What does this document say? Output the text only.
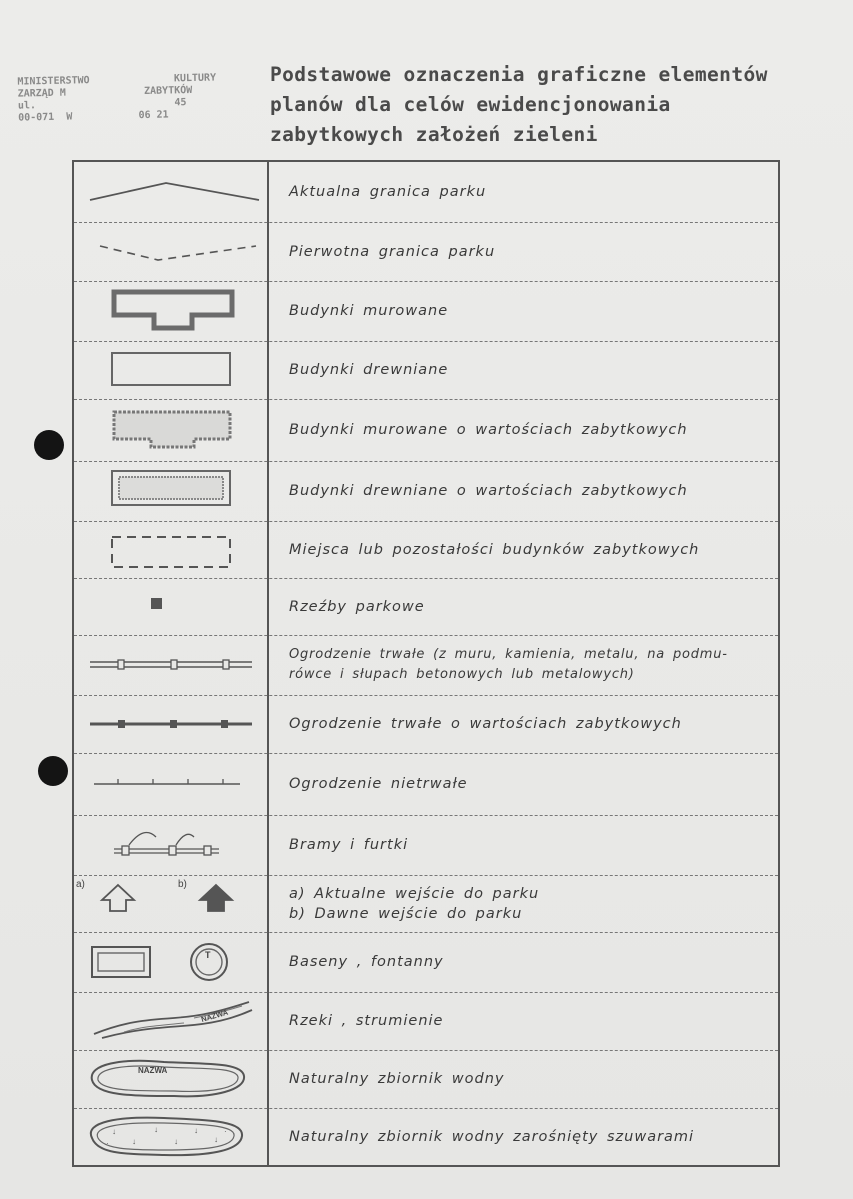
MINISTERSTWO              KULTURY
ZARZĄD M             ZABYTKÓW
ul.                       45
00-071  W           06 21
Podstawowe oznaczenia graficzne elementów
planów dla celów ewidencjonowania
zabytkowych założeń zieleni
Aktualna granica parku
Pierwotna granica parku
Budynki murowane
Budynki drewniane
Budynki murowane o wartościach zabytkowych
Budynki drewniane o wartościach zabytkowych
Miejsca lub pozostałości budynków zabytkowych
Rzeźby parkowe
Ogrodzenie trwałe (z muru, kamienia, metalu, na podmu-
rówce i słupach betonowych lub metalowych)
Ogrodzenie trwałe o wartościach zabytkowych
Ogrodzenie nietrwałe
Bramy i furtki
a)	b)
a) Aktualne wejście do parku
b) Dawne wejście do parku
T	Baseny , fontanny
NAZWA	Rzeki , strumienie
NAZWA
Naturalny zbiornik wodny
↓
↓
↓
↓
↓
↓
·
·	Naturalny zbiornik wodny zarośnięty szuwarami
